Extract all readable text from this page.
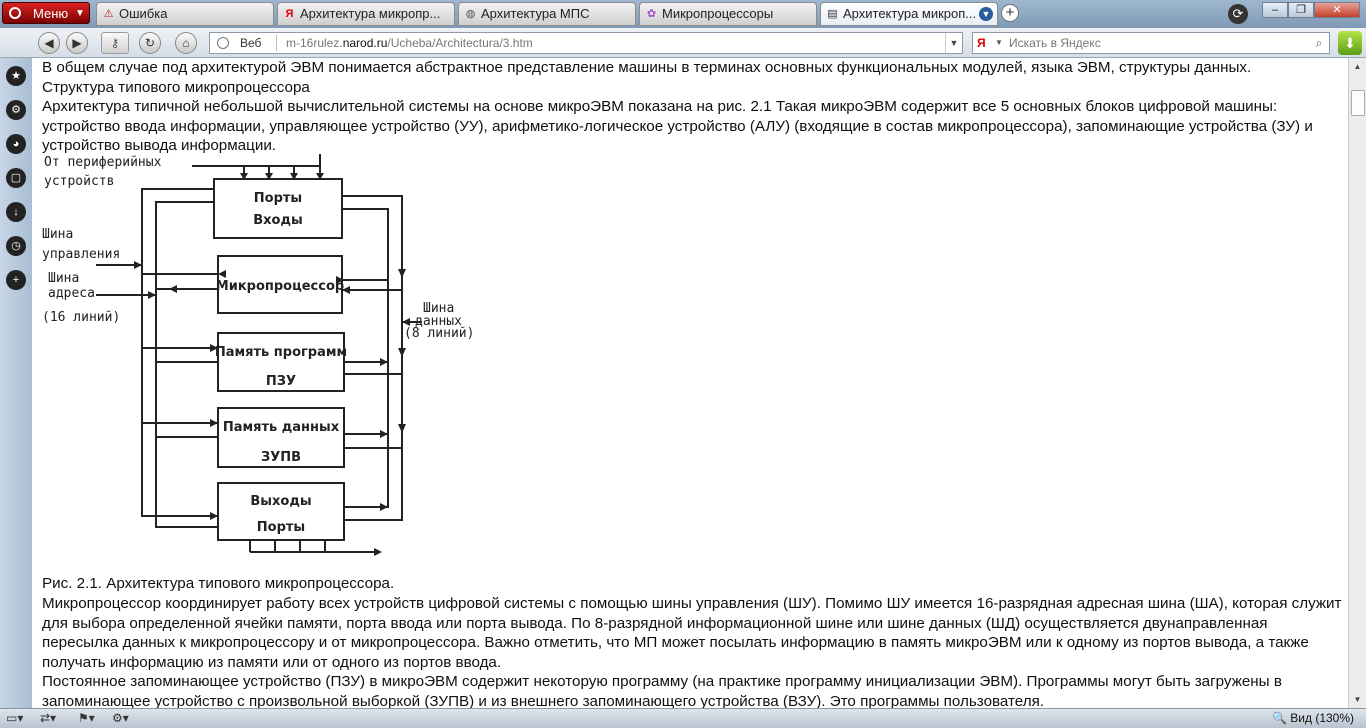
Меню ▼ ⚠ Ошибка	Я Архитектура микропр... ◍ Архитектура МПС	✿ Микропроцессоры	▤ Архитектура микроп... ▼	+	⟳	–	❐	✕
◀	▶	⚷	↻	⌂	Веб m-16rulez.narod.ru/Ucheba/Architectura/3.htm	▼ Я	▼
Искать в Яндекс	⌕	⬇
★
⚙
◕
▢
↓
◷
+

В общем случае под архитектурой ЭВМ понимается абстрактное представление машины в терминах основных функциональных модулей, языка ЭВМ, структуры данных.

Структура типового микропроцессора

Архитектура типичной небольшой вычислительной системы на основе микроЭВМ показана на рис. 2.1 Такая микроЭВМ содержит все 5 основных блоков цифровой машины: устройство ввода информации, управляющее устройство (УУ), арифметико-логическое устройство (АЛУ) (входящие в состав микропроцессора), запоминающие устройства (ЗУ) и устройство вывода информации.

Порты
Входы
Микропроцессор
Память программ
ПЗУ
Память данных
ЗУПВ
Выходы
Порты
От периферийных
устройств
Шина
управления
Шина
адреса
(16 линий)
Шина
данных
(8 линий)

Рис. 2.1. Архитектура типового микропроцессора.

Микропроцессор координирует работу всех устройств цифровой системы с помощью шины управления (ШУ). Помимо ШУ имеется 16-разрядная адресная шина (ША), которая служит для выбора определенной ячейки памяти, порта ввода или порта вывода. По 8-разрядной информационной шине или шине данных (ШД) осуществляется двунаправленная пересылка данных к микропроцессору и от микропроцессора. Важно отметить, что МП может посылать информацию в память микроЭВМ или к одному из портов вывода, а также получать информацию из памяти или от одного из портов ввода.

Постоянное запоминающее устройство (ПЗУ) в микроЭВМ содержит некоторую программу (на практике программу инициализации ЭВМ). Программы могут быть загружены в запоминающее устройство с произвольной выборкой (ЗУПВ) и из внешнего запоминающего устройства (ВЗУ). Это программы пользователя.

▲
▼
▭▾	⇄▾	⚑▾	⚙▾	🔍 Вид (130%)
